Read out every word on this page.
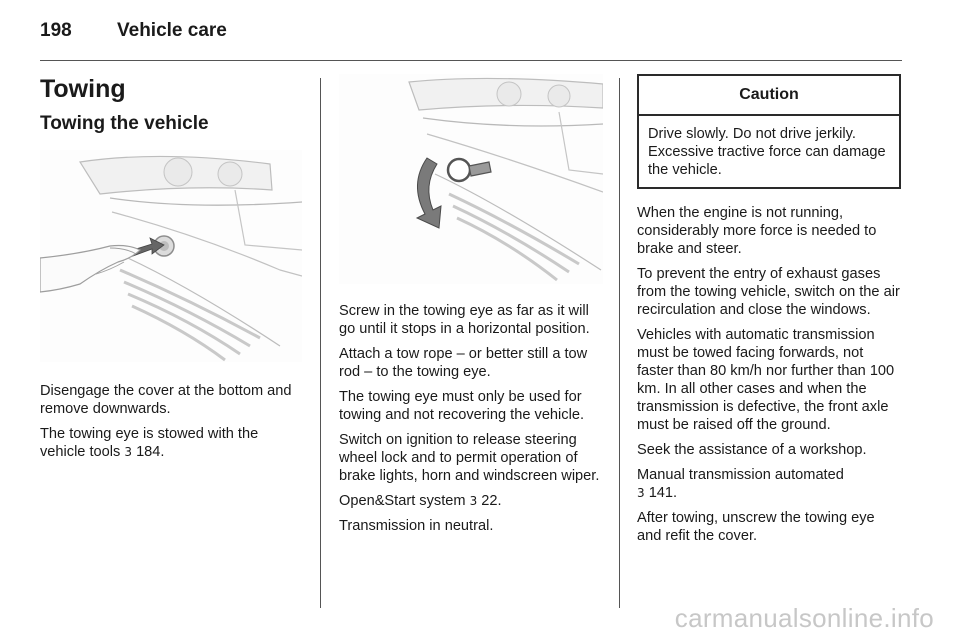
198 Vehicle care
Towing
Towing the vehicle

Disengage the cover at the bottom and remove downwards.

The towing eye is stowed with the vehicle tools 3 184.

Screw in the towing eye as far as it will go until it stops in a horizontal position.

Attach a tow rope – or better still a tow rod – to the towing eye.

The towing eye must only be used for towing and not recovering the vehicle.

Switch on ignition to release steering wheel lock and to permit operation of brake lights, horn and windscreen wiper.

Open&Start system 3 22.

Transmission in neutral.

Caution
Drive slowly. Do not drive jerkily. Excessive tractive force can damage the vehicle.

When the engine is not running, considerably more force is needed to brake and steer.

To prevent the entry of exhaust gases from the towing vehicle, switch on the air recirculation and close the windows.

Vehicles with automatic transmission must be towed facing forwards, not faster than 80 km/h nor further than 100 km. In all other cases and when the transmission is defective, the front axle must be raised off the ground.

Seek the assistance of a workshop.

Manual transmission automated
3 141.

After towing, unscrew the towing eye and refit the cover.

carmanualsonline.info
